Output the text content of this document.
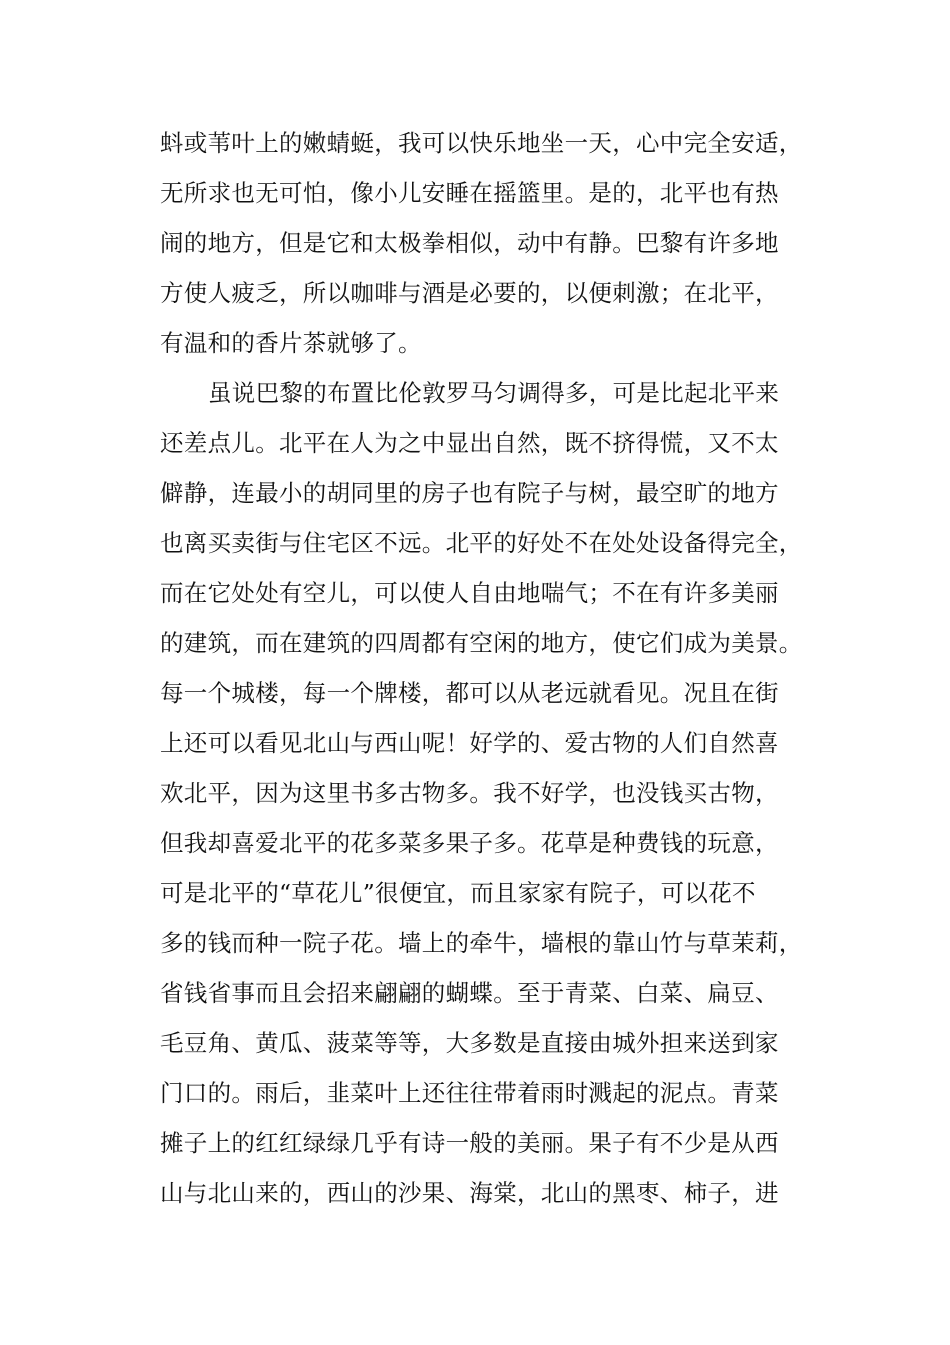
蚪或苇叶上的嫩蜻蜓，我可以快乐地坐一天，心中完全安适，
无所求也无可怕，像小儿安睡在摇篮里。是的，北平也有热
闹的地方，但是它和太极拳相似，动中有静。巴黎有许多地
方使人疲乏，所以咖啡与酒是必要的，以便刺激；在北平，
有温和的香片茶就够了。
虽说巴黎的布置比伦敦罗马匀调得多，可是比起北平来
还差点儿。北平在人为之中显出自然，既不挤得慌，又不太
僻静，连最小的胡同里的房子也有院子与树，最空旷的地方
也离买卖街与住宅区不远。北平的好处不在处处设备得完全，
而在它处处有空儿，可以使人自由地喘气；不在有许多美丽
的建筑，而在建筑的四周都有空闲的地方，使它们成为美景。
每一个城楼，每一个牌楼，都可以从老远就看见。况且在街
上还可以看见北山与西山呢！好学的、爱古物的人们自然喜
欢北平，因为这里书多古物多。我不好学，也没钱买古物，
但我却喜爱北平的花多菜多果子多。花草是种费钱的玩意，
可是北平的“草花儿”很便宜，而且家家有院子，可以花不
多的钱而种一院子花。墙上的牵牛，墙根的靠山竹与草茉莉，
省钱省事而且会招来翩翩的蝴蝶。至于青菜、白菜、扁豆、
毛豆角、黄瓜、菠菜等等，大多数是直接由城外担来送到家
门口的。雨后，韭菜叶上还往往带着雨时溅起的泥点。青菜
摊子上的红红绿绿几乎有诗一般的美丽。果子有不少是从西
山与北山来的，西山的沙果、海棠，北山的黑枣、柿子，进
